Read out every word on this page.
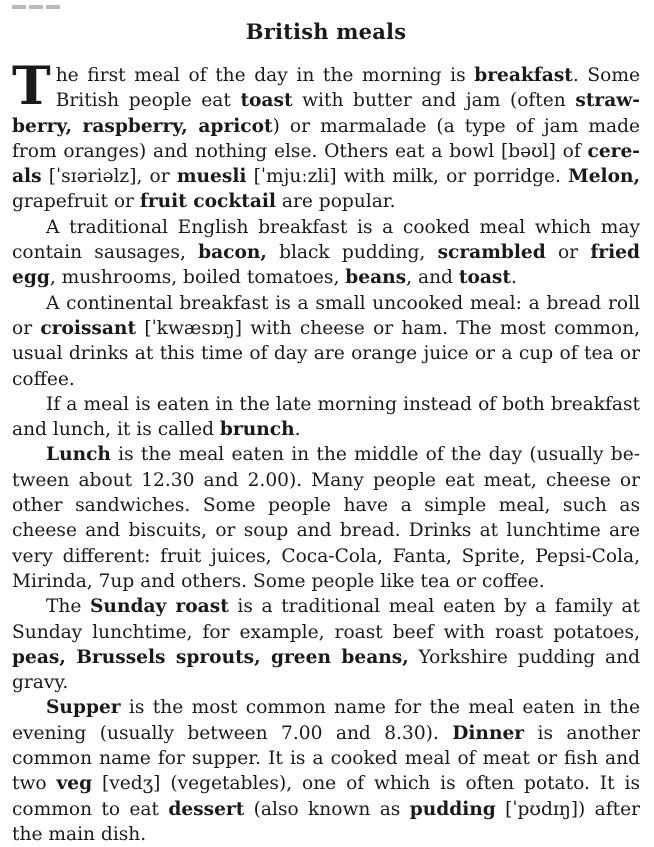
British meals

The first meal of the day in the morning is breakfast. Some British people eat toast with butter and jam (often strawberry, raspberry, apricot) or marmalade (a type of jam made from oranges) and nothing else. Others eat a bowl [bəʊl] of cereals [ˈsɪəriəlz], or muesli [ˈmjuːzli] with milk, or porridge. Melon, grapefruit or fruit cocktail are popular.

A traditional English breakfast is a cooked meal which may contain sausages, bacon, black pudding, scrambled or fried egg, mushrooms, boiled tomatoes, beans, and toast.

A continental breakfast is a small uncooked meal: a bread roll or croissant [ˈkwæsɒŋ] with cheese or ham. The most common, usual drinks at this time of day are orange juice or a cup of tea or coffee.

If a meal is eaten in the late morning instead of both breakfast and lunch, it is called brunch.

Lunch is the meal eaten in the middle of the day (usually between about 12.30 and 2.00). Many people eat meat, cheese or other sandwiches. Some people have a simple meal, such as cheese and biscuits, or soup and bread. Drinks at lunchtime are very different: fruit juices, Coca-Cola, Fanta, Sprite, Pepsi-Cola, Mirinda, 7up and others. Some people like tea or coffee.

The Sunday roast is a traditional meal eaten by a family at Sunday lunchtime, for example, roast beef with roast potatoes, peas, Brussels sprouts, green beans, Yorkshire pudding and gravy.

Supper is the most common name for the meal eaten in the evening (usually between 7.00 and 8.30). Dinner is another common name for supper. It is a cooked meal of meat or fish and two veg [vedʒ] (vegetables), one of which is often potato. It is common to eat dessert (also known as pudding [ˈpʊdɪŋ]) after the main dish.
